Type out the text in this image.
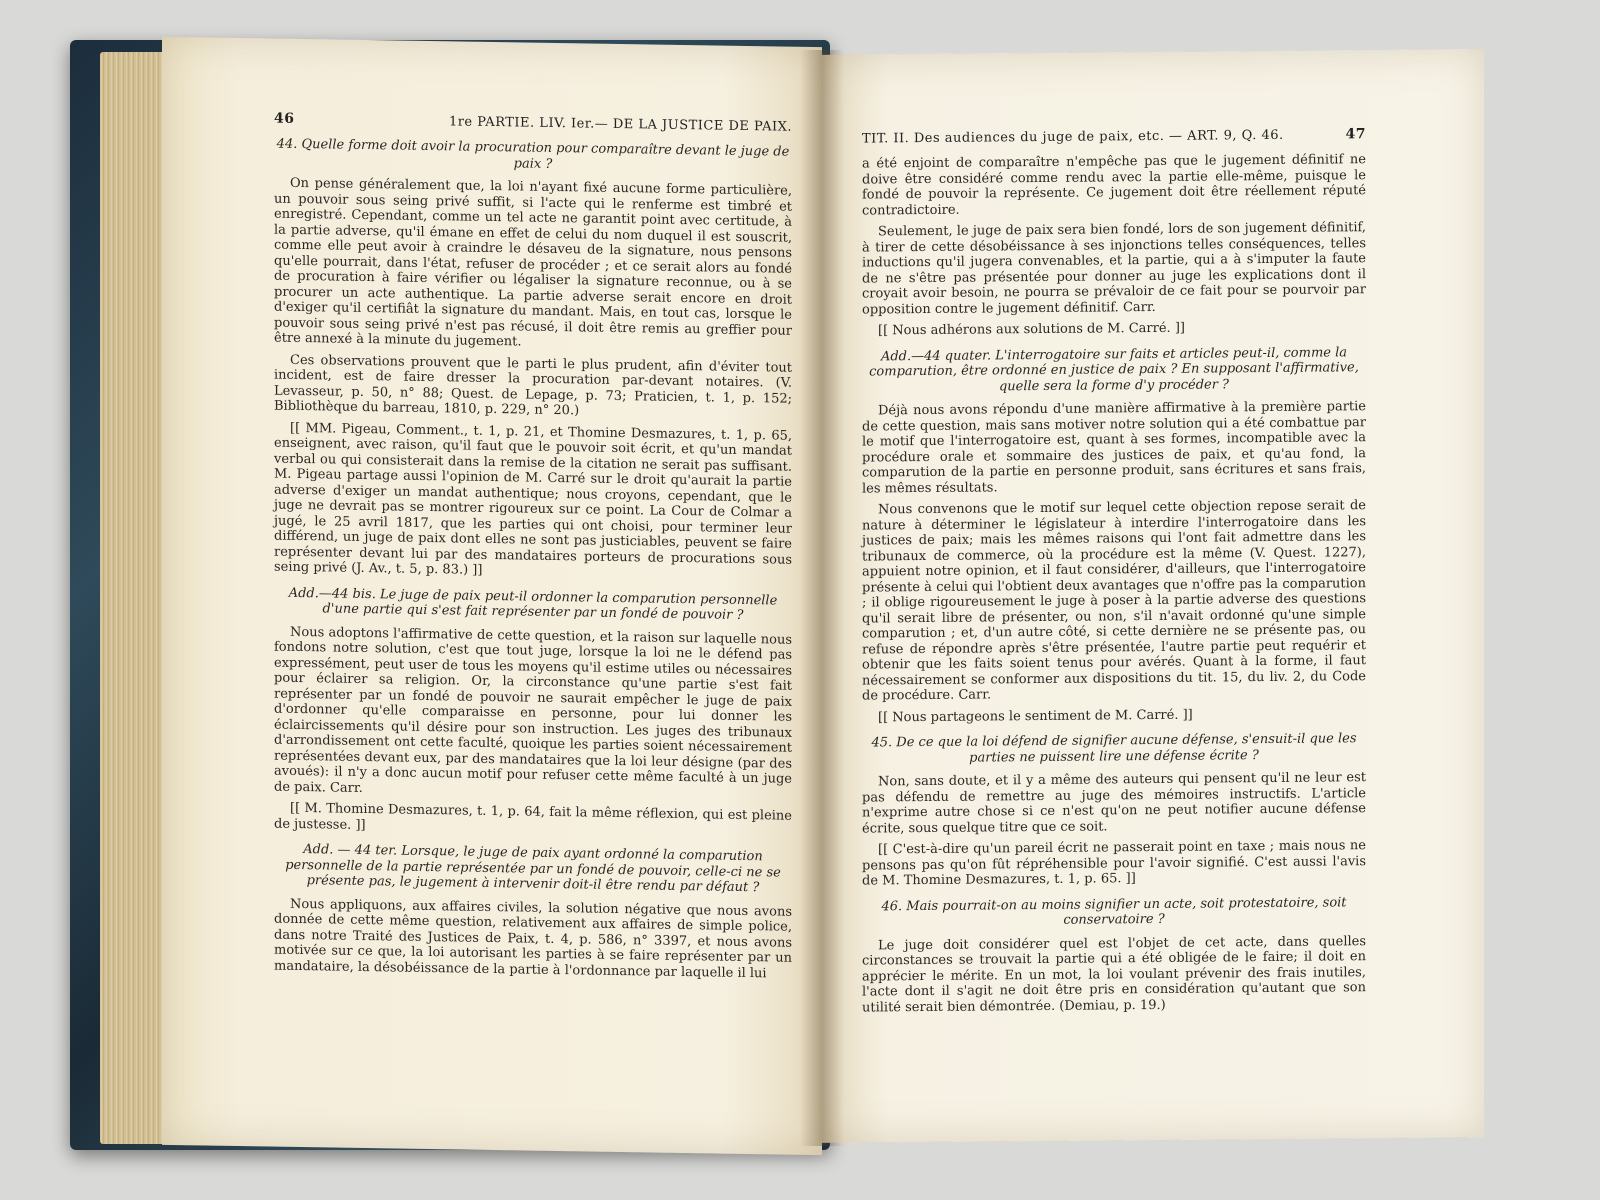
46	1re PARTIE. LIV. Ier.— DE LA JUSTICE DE PAIX.

44. Quelle forme doit avoir la procuration pour comparaître devant le juge de paix ?

On pense généralement que, la loi n'ayant fixé aucune forme particulière, un pouvoir sous seing privé suffit, si l'acte qui le renferme est timbré et enregistré. Cependant, comme un tel acte ne garantit point avec certitude, à la partie adverse, qu'il émane en effet de celui du nom duquel il est souscrit, comme elle peut avoir à craindre le désaveu de la signature, nous pensons qu'elle pourrait, dans l'état, refuser de procéder ; et ce serait alors au fondé de procuration à faire vérifier ou légaliser la signature reconnue, ou à se procurer un acte authentique. La partie adverse serait encore en droit d'exiger qu'il certifiât la signature du mandant. Mais, en tout cas, lorsque le pouvoir sous seing privé n'est pas récusé, il doit être remis au greffier pour être annexé à la minute du jugement.

Ces observations prouvent que le parti le plus prudent, afin d'éviter tout incident, est de faire dresser la procuration par-devant notaires. (V. Levasseur, p. 50, n° 88; Quest. de Lepage, p. 73; Praticien, t. 1, p. 152; Bibliothèque du barreau, 1810, p. 229, n° 20.)

[[ MM. Pigeau, Comment., t. 1, p. 21, et Thomine Desmazures, t. 1, p. 65, enseignent, avec raison, qu'il faut que le pouvoir soit écrit, et qu'un mandat verbal ou qui consisterait dans la remise de la citation ne serait pas suffisant. M. Pigeau partage aussi l'opinion de M. Carré sur le droit qu'aurait la partie adverse d'exiger un mandat authentique; nous croyons, cependant, que le juge ne devrait pas se montrer rigoureux sur ce point. La Cour de Colmar a jugé, le 25 avril 1817, que les parties qui ont choisi, pour terminer leur différend, un juge de paix dont elles ne sont pas justiciables, peuvent se faire représenter devant lui par des mandataires porteurs de procurations sous seing privé (J. Av., t. 5, p. 83.) ]]

Add.—44 bis. Le juge de paix peut-il ordonner la comparution personnelle d'une partie qui s'est fait représenter par un fondé de pouvoir ?

Nous adoptons l'affirmative de cette question, et la raison sur laquelle nous fondons notre solution, c'est que tout juge, lorsque la loi ne le défend pas expressément, peut user de tous les moyens qu'il estime utiles ou nécessaires pour éclairer sa religion. Or, la circonstance qu'une partie s'est fait représenter par un fondé de pouvoir ne saurait empêcher le juge de paix d'ordonner qu'elle comparaisse en personne, pour lui donner les éclaircissements qu'il désire pour son instruction. Les juges des tribunaux d'arrondissement ont cette faculté, quoique les parties soient nécessairement représentées devant eux, par des mandataires que la loi leur désigne (par des avoués): il n'y a donc aucun motif pour refuser cette même faculté à un juge de paix. Carr.

[[ M. Thomine Desmazures, t. 1, p. 64, fait la même réflexion, qui est pleine de justesse. ]]

Add. — 44 ter. Lorsque, le juge de paix ayant ordonné la comparution personnelle de la partie représentée par un fondé de pouvoir, celle-ci ne se présente pas, le jugement à intervenir doit-il être rendu par défaut ?

Nous appliquons, aux affaires civiles, la solution négative que nous avons donnée de cette même question, relativement aux affaires de simple police, dans notre Traité des Justices de Paix, t. 4, p. 586, n° 3397, et nous avons motivée sur ce que, la loi autorisant les parties à se faire représenter par un mandataire, la désobéissance de la partie à l'ordonnance par laquelle il lui

TIT. II. Des audiences du juge de paix, etc. — ART. 9, Q. 46.	47

a été enjoint de comparaître n'empêche pas que le jugement définitif ne doive être considéré comme rendu avec la partie elle-même, puisque le fondé de pouvoir la représente. Ce jugement doit être réellement réputé contradictoire.

Seulement, le juge de paix sera bien fondé, lors de son jugement définitif, à tirer de cette désobéissance à ses injonctions telles conséquences, telles inductions qu'il jugera convenables, et la partie, qui a à s'imputer la faute de ne s'être pas présentée pour donner au juge les explications dont il croyait avoir besoin, ne pourra se prévaloir de ce fait pour se pourvoir par opposition contre le jugement définitif. Carr.

[[ Nous adhérons aux solutions de M. Carré. ]]

Add.—44 quater. L'interrogatoire sur faits et articles peut-il, comme la comparution, être ordonné en justice de paix ? En supposant l'affirmative, quelle sera la forme d'y procéder ?

Déjà nous avons répondu d'une manière affirmative à la première partie de cette question, mais sans motiver notre solution qui a été combattue par le motif que l'interrogatoire est, quant à ses formes, incompatible avec la procédure orale et sommaire des justices de paix, et qu'au fond, la comparution de la partie en personne produit, sans écritures et sans frais, les mêmes résultats.

Nous convenons que le motif sur lequel cette objection repose serait de nature à déterminer le législateur à interdire l'interrogatoire dans les justices de paix; mais les mêmes raisons qui l'ont fait admettre dans les tribunaux de commerce, où la procédure est la même (V. Quest. 1227), appuient notre opinion, et il faut considérer, d'ailleurs, que l'interrogatoire présente à celui qui l'obtient deux avantages que n'offre pas la comparution ; il oblige rigoureusement le juge à poser à la partie adverse des questions qu'il serait libre de présenter, ou non, s'il n'avait ordonné qu'une simple comparution ; et, d'un autre côté, si cette dernière ne se présente pas, ou refuse de répondre après s'être présentée, l'autre partie peut requérir et obtenir que les faits soient tenus pour avérés. Quant à la forme, il faut nécessairement se conformer aux dispositions du tit. 15, du liv. 2, du Code de procédure. Carr.

[[ Nous partageons le sentiment de M. Carré. ]]

45. De ce que la loi défend de signifier aucune défense, s'ensuit-il que les parties ne puissent lire une défense écrite ?

Non, sans doute, et il y a même des auteurs qui pensent qu'il ne leur est pas défendu de remettre au juge des mémoires instructifs. L'article n'exprime autre chose si ce n'est qu'on ne peut notifier aucune défense écrite, sous quelque titre que ce soit.

[[ C'est-à-dire qu'un pareil écrit ne passerait point en taxe ; mais nous ne pensons pas qu'on fût répréhensible pour l'avoir signifié. C'est aussi l'avis de M. Thomine Desmazures, t. 1, p. 65. ]]

46. Mais pourrait-on au moins signifier un acte, soit protestatoire, soit conservatoire ?

Le juge doit considérer quel est l'objet de cet acte, dans quelles circonstances se trouvait la partie qui a été obligée de le faire; il doit en apprécier le mérite. En un mot, la loi voulant prévenir des frais inutiles, l'acte dont il s'agit ne doit être pris en considération qu'autant que son utilité serait bien démontrée. (Demiau, p. 19.)
